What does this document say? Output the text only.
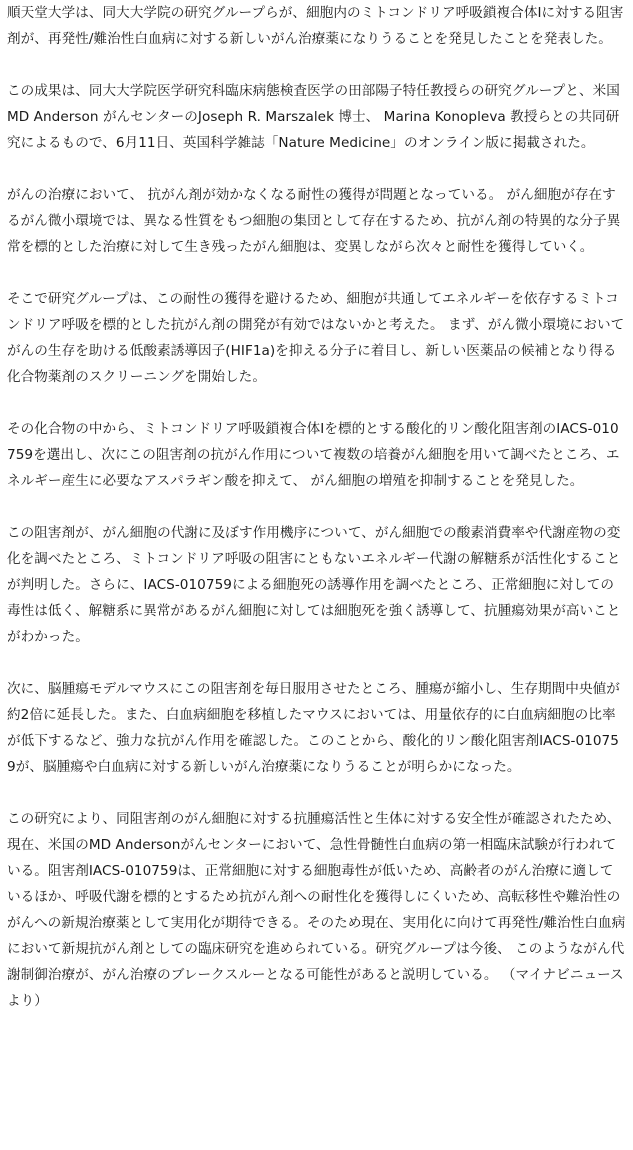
順天堂大学は、同大大学院の研究グループらが、細胞内のミトコンドリア呼吸鎖複合体Iに対する阻害剤が、再発性/難治性白血病に対する新しいがん治療薬になりうることを発見したことを発表した。

この成果は、同大大学院医学研究科臨床病態検査医学の田部陽子特任教授らの研究グループと、米国MD Anderson がんセンターのJoseph R. Marszalek 博士、 Marina Konopleva 教授らとの共同研究によるもので、6月11日、英国科学雑誌「Nature Medicine」のオンライン版に掲載された。

がんの治療において、 抗がん剤が効かなくなる耐性の獲得が問題となっている。 がん細胞が存在するがん微小環境では、異なる性質をもつ細胞の集団として存在するため、抗がん剤の特異的な分子異常を標的とした治療に対して生き残ったがん細胞は、変異しながら次々と耐性を獲得していく。

そこで研究グループは、この耐性の獲得を避けるため、細胞が共通してエネルギーを依存するミトコンドリア呼吸を標的とした抗がん剤の開発が有効ではないかと考えた。 まず、がん微小環境においてがんの生存を助ける低酸素誘導因子(HIF1a)を抑える分子に着目し、新しい医薬品の候補となり得る化合物薬剤のスクリーニングを開始した。

その化合物の中から、ミトコンドリア呼吸鎖複合体Iを標的とする酸化的リン酸化阻害剤のIACS-010759を選出し、次にこの阻害剤の抗がん作用について複数の培養がん細胞を用いて調べたところ、エネルギー産生に必要なアスパラギン酸を抑えて、 がん細胞の増殖を抑制することを発見した。

この阻害剤が、がん細胞の代謝に及ぼす作用機序について、がん細胞での酸素消費率や代謝産物の変化を調べたところ、ミトコンドリア呼吸の阻害にともないエネルギー代謝の解糖系が活性化することが判明した。さらに、IACS-010759による細胞死の誘導作用を調べたところ、正常細胞に対しての毒性は低く、解糖系に異常があるがん細胞に対しては細胞死を強く誘導して、抗腫瘍効果が高いことがわかった。

次に、脳腫瘍モデルマウスにこの阻害剤を毎日服用させたところ、腫瘍が縮小し、生存期間中央値が約2倍に延長した。また、白血病細胞を移植したマウスにおいては、用量依存的に白血病細胞の比率が低下するなど、強力な抗がん作用を確認した。このことから、酸化的リン酸化阻害剤IACS-010759が、脳腫瘍や白血病に対する新しいがん治療薬になりうることが明らかになった。

この研究により、同阻害剤のがん細胞に対する抗腫瘍活性と生体に対する安全性が確認されたため、現在、米国のMD Andersonがんセンターにおいて、急性骨髄性白血病の第一相臨床試験が行われている。阻害剤IACS-010759は、正常細胞に対する細胞毒性が低いため、高齢者のがん治療に適しているほか、呼吸代謝を標的とするため抗がん剤への耐性化を獲得しにくいため、高転移性や難治性のがんへの新規治療薬として実用化が期待できる。そのため現在、実用化に向けて再発性/難治性白血病において新規抗がん剤としての臨床研究を進められている。研究グループは今後、 このようながん代謝制御治療が、がん治療のブレークスルーとなる可能性があると説明している。 （マイナビニュースより）
